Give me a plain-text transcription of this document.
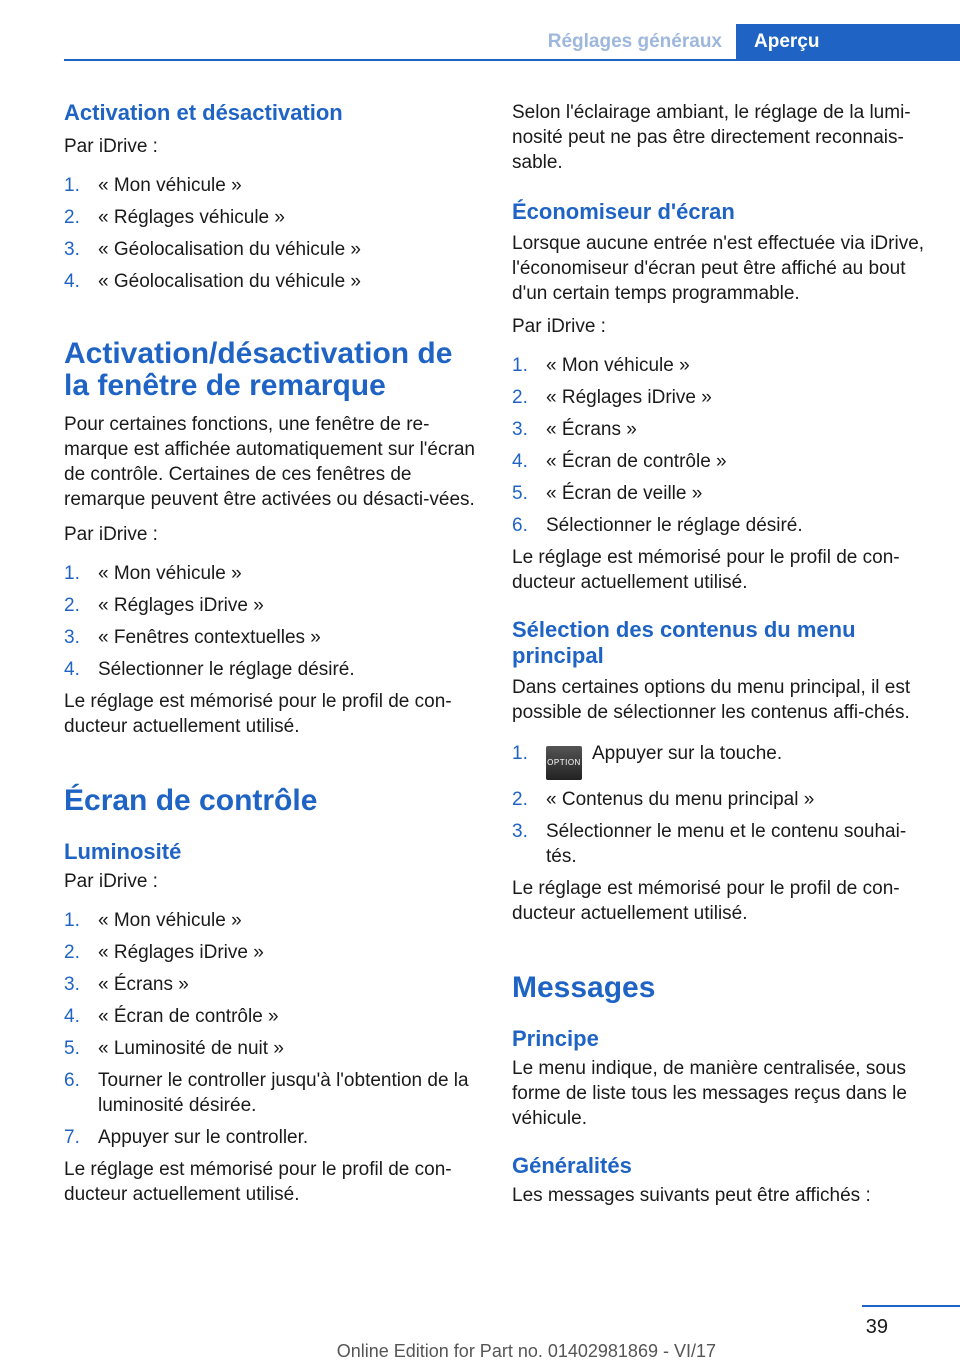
Réglages généraux	Aperçu
Activation et désactivation

Par iDrive :

1. « Mon véhicule »
2. « Réglages véhicule »
3. « Géolocalisation du véhicule »
4. « Géolocalisation du véhicule »
Activation/désactivation de la fenêtre de remarque

Pour certaines fonctions, une fenêtre de re‐marque est affichée automatiquement sur l'écran de contrôle. Certaines de ces fenêtres de remarque peuvent être activées ou désacti‐vées.

Par iDrive :

1. « Mon véhicule »
2. « Réglages iDrive »
3. « Fenêtres contextuelles »
4. Sélectionner le réglage désiré.

Le réglage est mémorisé pour le profil de con‐ducteur actuellement utilisé.

Écran de contrôle
Luminosité

Par iDrive :

1. « Mon véhicule »
2. « Réglages iDrive »
3. « Écrans »
4. « Écran de contrôle »
5. « Luminosité de nuit »
6. Tourner le controller jusqu'à l'obtention de la luminosité désirée.
7. Appuyer sur le controller.

Le réglage est mémorisé pour le profil de con‐ducteur actuellement utilisé.

Selon l'éclairage ambiant, le réglage de la lumi‐nosité peut ne pas être directement reconnais‐sable.

Économiseur d'écran

Lorsque aucune entrée n'est effectuée via iDrive, l'économiseur d'écran peut être affiché au bout d'un certain temps programmable.

Par iDrive :

1. « Mon véhicule »
2. « Réglages iDrive »
3. « Écrans »
4. « Écran de contrôle »
5. « Écran de veille »
6. Sélectionner le réglage désiré.

Le réglage est mémorisé pour le profil de con‐ducteur actuellement utilisé.

Sélection des contenus du menu principal

Dans certaines options du menu principal, il est possible de sélectionner les contenus affi‐chés.

1. OPTION Appuyer sur la touche.
2. « Contenus du menu principal »
3. Sélectionner le menu et le contenu souhai‐tés.

Le réglage est mémorisé pour le profil de con‐ducteur actuellement utilisé.

Messages
Principe

Le menu indique, de manière centralisée, sous forme de liste tous les messages reçus dans le véhicule.

Généralités

Les messages suivants peut être affichés :

39
Online Edition for Part no. 01402981869 - VI/17
